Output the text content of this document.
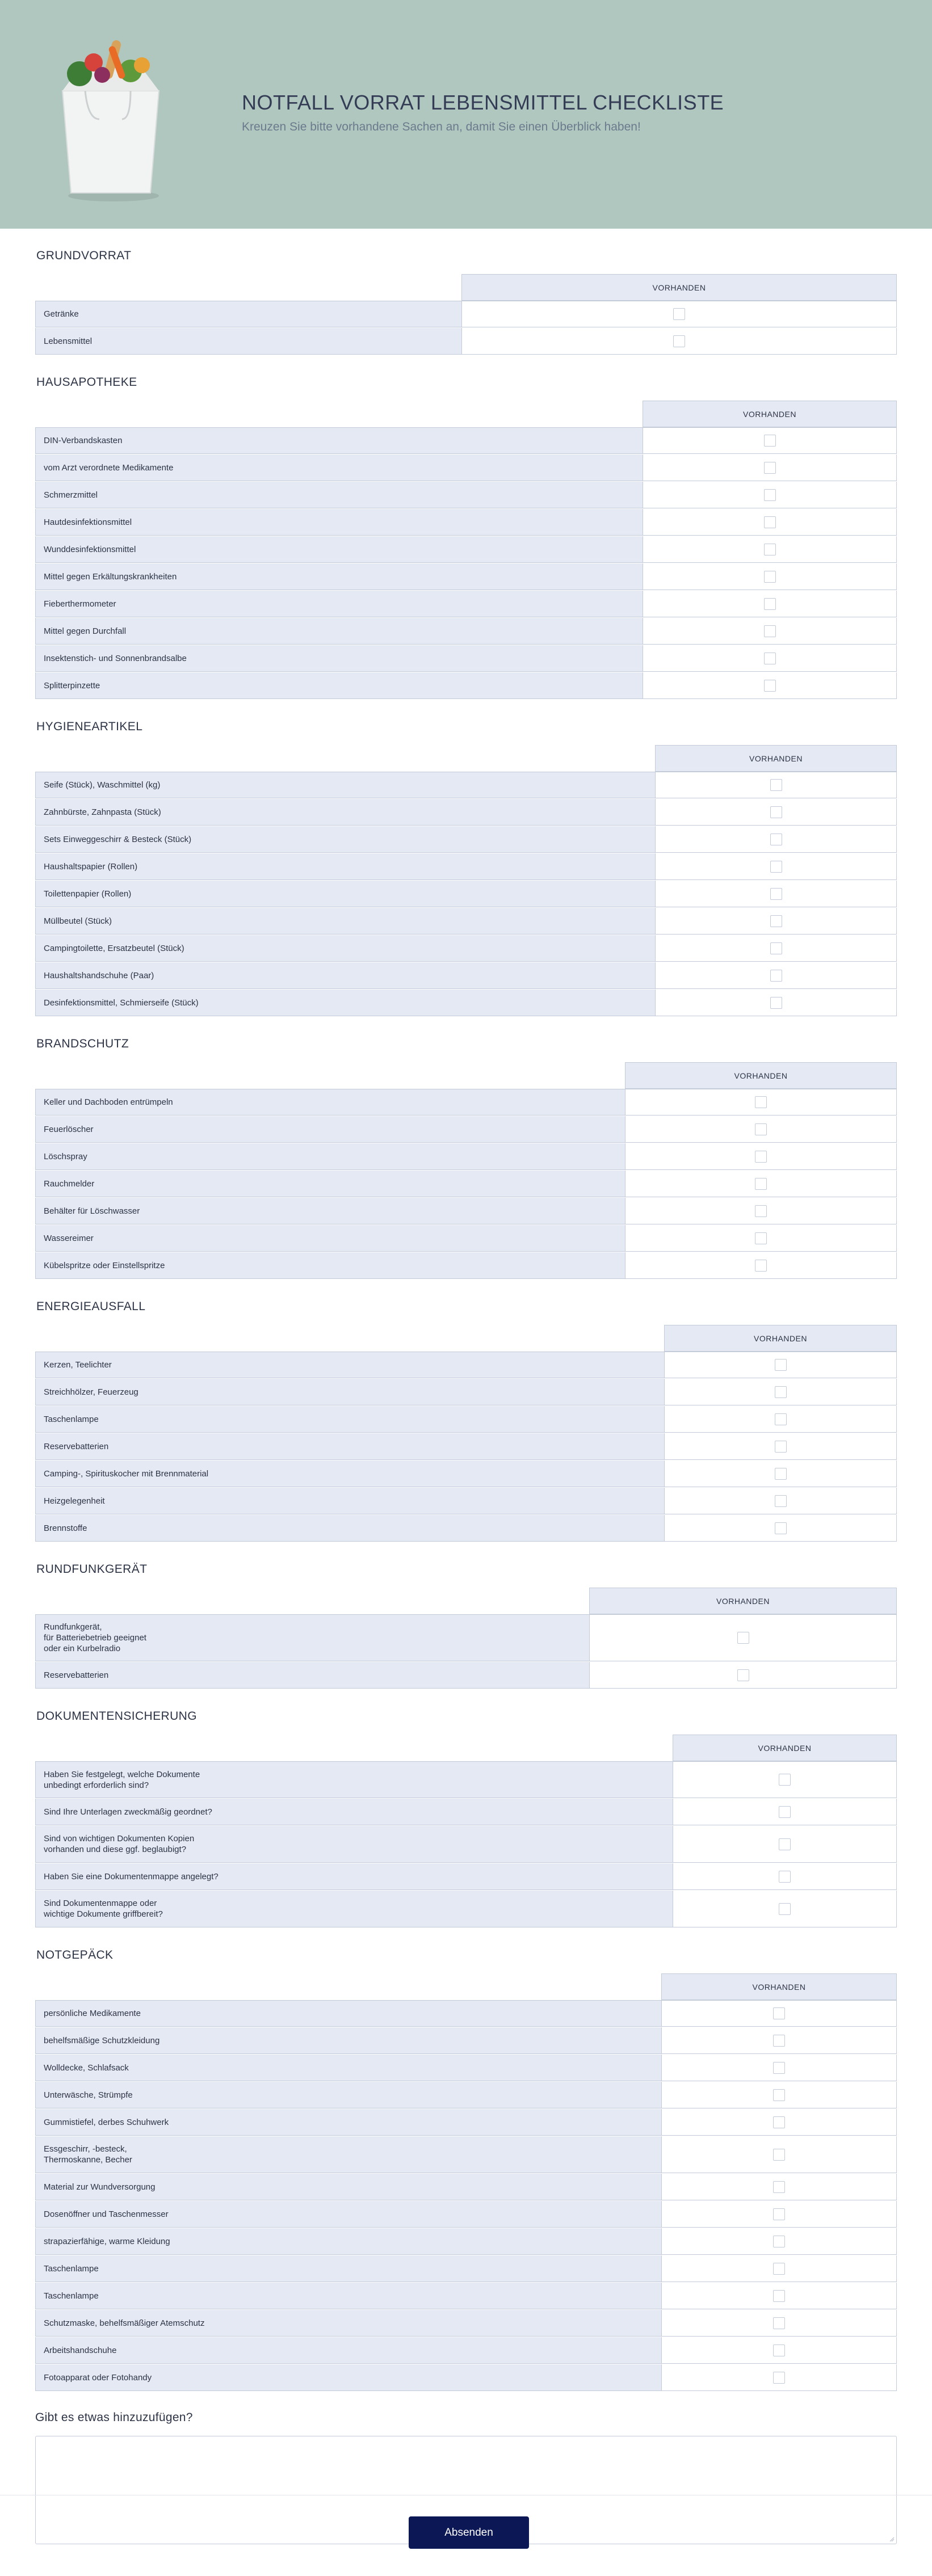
NOTFALL VORRAT LEBENSMITTEL CHECKLISTE
Kreuzen Sie bitte vorhandene Sachen an, damit Sie einen Überblick haben!
GRUNDVORRAT
VORHANDEN
Getränke
Lebensmittel
HAUSAPOTHEKE
VORHANDEN
DIN-Verbandskasten
vom Arzt verordnete Medikamente
Schmerzmittel
Hautdesinfektionsmittel
Wunddesinfektionsmittel
Mittel gegen Erkältungskrankheiten
Fieberthermometer
Mittel gegen Durchfall
Insektenstich- und Sonnenbrandsalbe
Splitterpinzette
HYGIENEARTIKEL
VORHANDEN
Seife (Stück), Waschmittel (kg)
Zahnbürste, Zahnpasta (Stück)
Sets Einweggeschirr & Besteck (Stück)
Haushaltspapier (Rollen)
Toilettenpapier (Rollen)
Müllbeutel (Stück)
Campingtoilette, Ersatzbeutel (Stück)
Haushaltshandschuhe (Paar)
Desinfektionsmittel, Schmierseife (Stück)
BRANDSCHUTZ
VORHANDEN
Keller und Dachboden entrümpeln
Feuerlöscher
Löschspray
Rauchmelder
Behälter für Löschwasser
Wassereimer
Kübelspritze oder Einstellspritze
ENERGIEAUSFALL
VORHANDEN
Kerzen, Teelichter
Streichhölzer, Feuerzeug
Taschenlampe
Reservebatterien
Camping-, Spirituskocher mit Brennmaterial
Heizgelegenheit
Brennstoffe
RUNDFUNKGERÄT
VORHANDEN
Rundfunkgerät,
für Batteriebetrieb geeignet
oder ein Kurbelradio
Reservebatterien
DOKUMENTENSICHERUNG
VORHANDEN
Haben Sie festgelegt, welche Dokumente
unbedingt erforderlich sind?
Sind Ihre Unterlagen zweckmäßig geordnet?
Sind von wichtigen Dokumenten Kopien
vorhanden und diese ggf. beglaubigt?
Haben Sie eine Dokumentenmappe angelegt?
Sind Dokumentenmappe oder
wichtige Dokumente griffbereit?
NOTGEPÄCK
VORHANDEN
persönliche Medikamente
behelfsmäßige Schutzkleidung
Wolldecke, Schlafsack
Unterwäsche, Strümpfe
Gummistiefel, derbes Schuhwerk
Essgeschirr, -besteck,
Thermoskanne, Becher
Material zur Wundversorgung
Dosenöffner und Taschenmesser
strapazierfähige, warme Kleidung
Taschenlampe
Taschenlampe
Schutzmaske, behelfsmäßiger Atemschutz
Arbeitshandschuhe
Fotoapparat oder Fotohandy
Gibt es etwas hinzuzufügen?
Absenden
